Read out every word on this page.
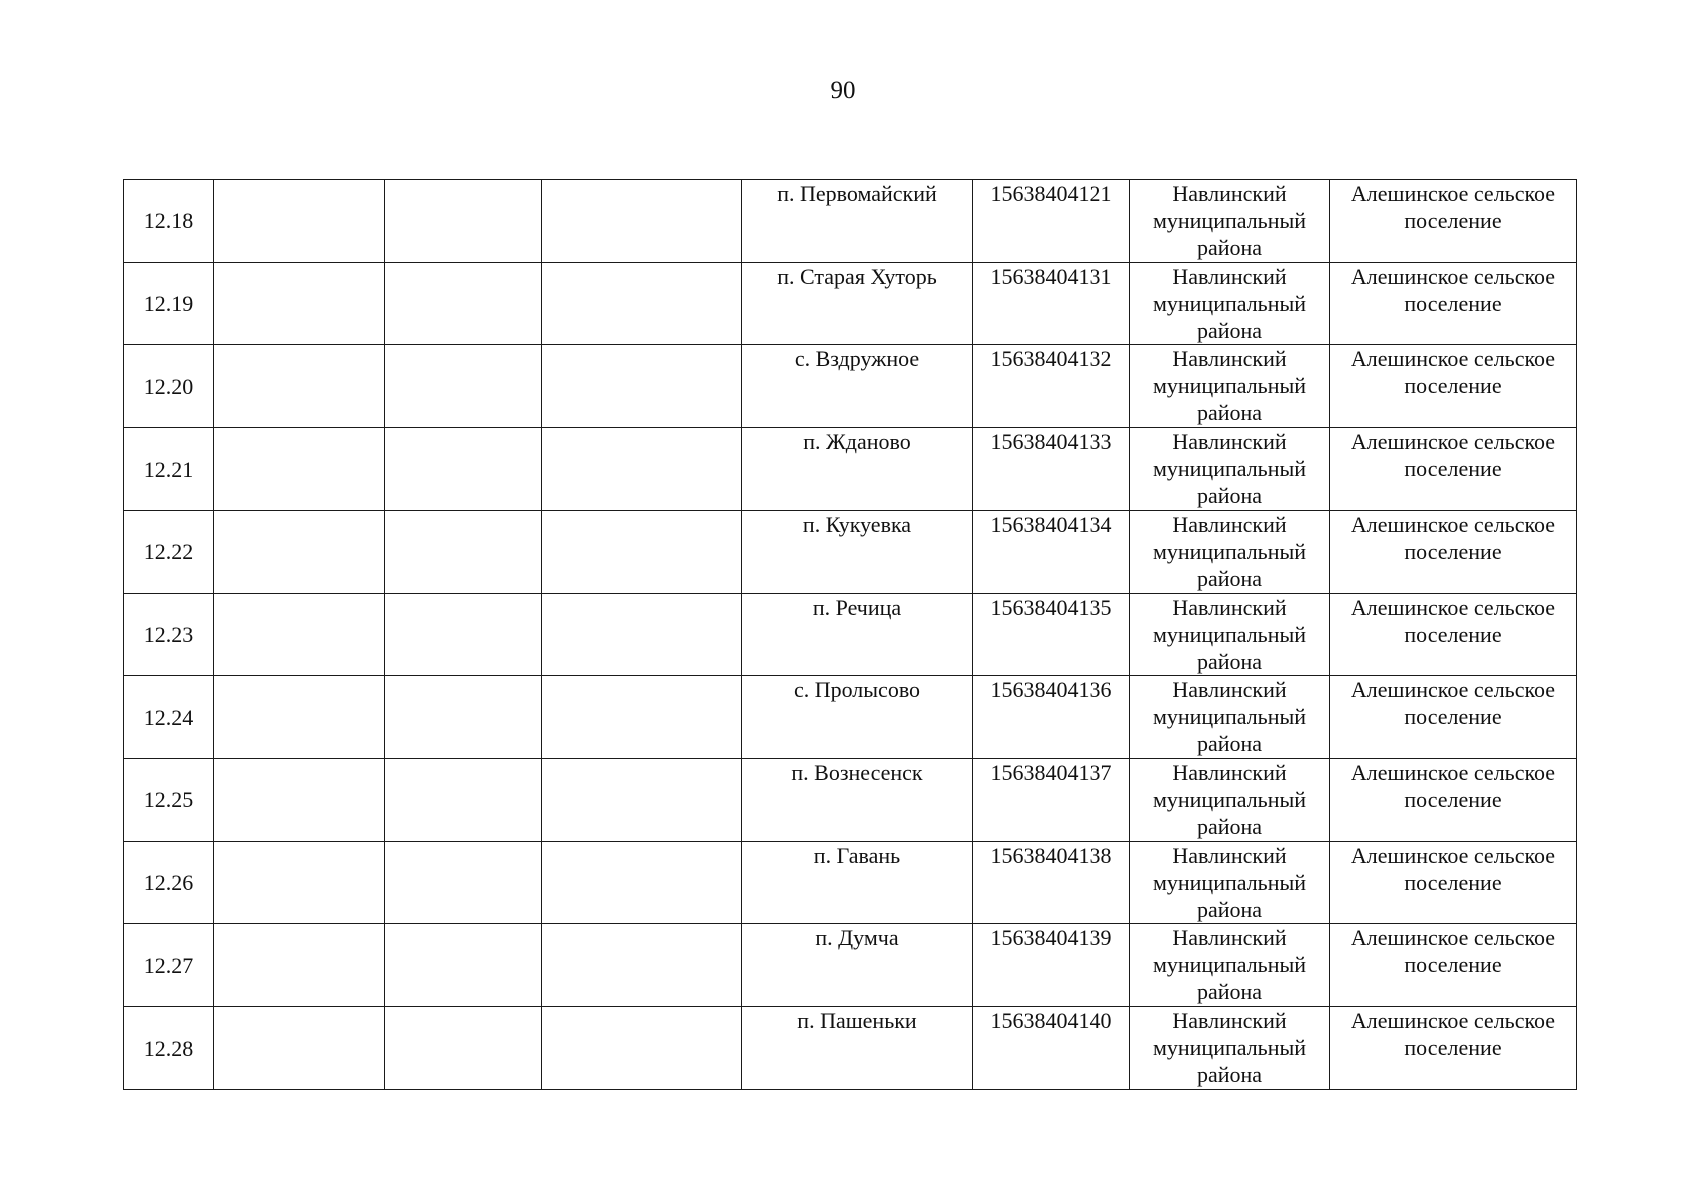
90
12.18				п. Первомайский	15638404121	Навлинский муниципальный района	Алешинское сельское поселение
12.19				п. Старая Хуторь	15638404131	Навлинский муниципальный района	Алешинское сельское поселение
12.20				с. Вздружное	15638404132	Навлинский муниципальный района	Алешинское сельское поселение
12.21				п. Жданово	15638404133	Навлинский муниципальный района	Алешинское сельское поселение
12.22				п. Кукуевка	15638404134	Навлинский муниципальный района	Алешинское сельское поселение
12.23				п. Речица	15638404135	Навлинский муниципальный района	Алешинское сельское поселение
12.24				с. Пролысово	15638404136	Навлинский муниципальный района	Алешинское сельское поселение
12.25				п. Вознесенск	15638404137	Навлинский муниципальный района	Алешинское сельское поселение
12.26				п. Гавань	15638404138	Навлинский муниципальный района	Алешинское сельское поселение
12.27				п. Думча	15638404139	Навлинский муниципальный района	Алешинское сельское поселение
12.28				п. Пашеньки	15638404140	Навлинский муниципальный района	Алешинское сельское поселение
